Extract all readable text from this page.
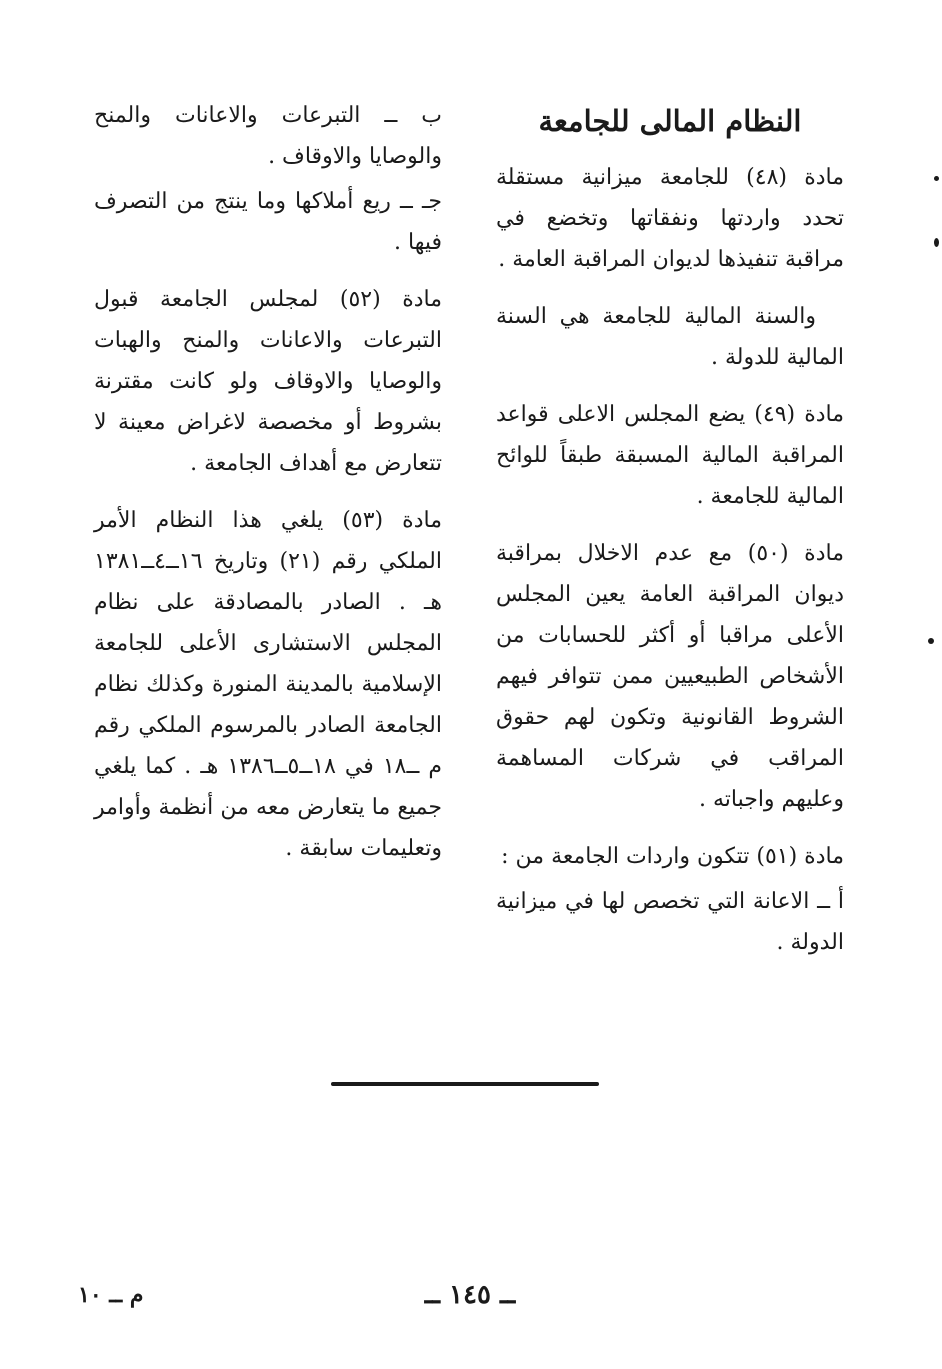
النظام المالى للجامعة

مادة (٤٨) للجامعة ميزانية مستقلة تحدد واردتها ونفقاتها وتخضع في مراقبة تنفيذها لديوان المراقبة العامة .

والسنة المالية للجامعة هي السنة المالية للدولة .

مادة (٤٩) يضع المجلس الاعلى قواعد المراقبة المالية المسبقة طبقاً للوائح المالية للجامعة .

مادة (٥٠) مع عدم الاخلال بمراقبة ديوان المراقبة العامة يعين المجلس الأعلى مراقبا أو أكثر للحسابات من الأشخاص الطبيعيين ممن تتوافر فيهم الشروط القانونية وتكون لهم حقوق المراقب في شركات المساهمة وعليهم واجباته .

مادة (٥١) تتكون واردات الجامعة من :

أ ــ الاعانة التي تخصص لها في ميزانية الدولة .

ب ــ التبرعات والاعانات والمنح والوصايا والاوقاف .

جـ ــ ريع أملاكها وما ينتج من التصرف فيها .

مادة (٥٢) لمجلس الجامعة قبول التبرعات والاعانات والمنح والهبات والوصايا والاوقاف ولو كانت مقترنة بشروط أو مخصصة لاغراض معينة لا تتعارض مع أهداف الجامعة .

مادة (٥٣) يلغي هذا النظام الأمر الملكي رقم (٢١) وتاريخ ١٦ــ٤ــ١٣٨١ هـ . الصادر بالمصادقة على نظام المجلس الاستشارى الأعلى للجامعة الإسلامية بالمدينة المنورة وكذلك نظام الجامعة الصادر بالمرسوم الملكي رقم م ــ١٨ في ١٨ــ٥ــ١٣٨٦ هـ . كما يلغي جميع ما يتعارض معه من أنظمة وأوامر وتعليمات سابقة .

ــ ١٤٥ ــ
م ــ ١٠
